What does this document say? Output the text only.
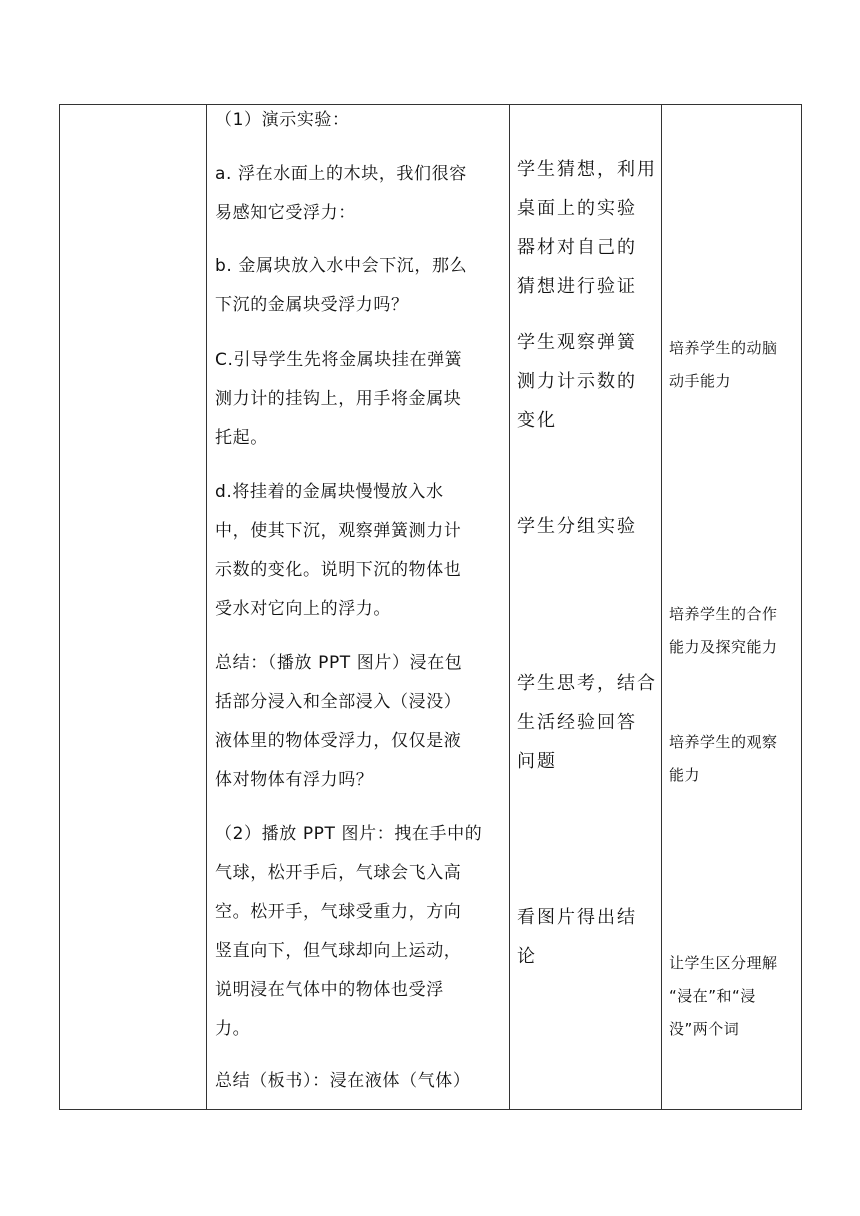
（1）演示实验：
a. 浮在水面上的木块，我们很容
易感知它受浮力：
b. 金属块放入水中会下沉，那么
下沉的金属块受浮力吗？
C.引导学生先将金属块挂在弹簧
测力计的挂钩上，用手将金属块
托起。
d.将挂着的金属块慢慢放入水
中，使其下沉，观察弹簧测力计
示数的变化。说明下沉的物体也
受水对它向上的浮力。
总结：（播放 PPT 图片）浸在包
括部分浸入和全部浸入（浸没）
液体里的物体受浮力，仅仅是液
体对物体有浮力吗？
（2）播放 PPT 图片：拽在手中的
气球，松开手后，气球会飞入高
空。松开手，气球受重力，方向
竖直向下，但气球却向上运动，
说明浸在气体中的物体也受浮
力。
总结（板书）：浸在液体（气体）
学生猜想，利用
桌面上的实验
器材对自己的
猜想进行验证
学生观察弹簧
测力计示数的
变化
学生分组实验
学生思考，结合
生活经验回答
问题
看图片得出结
论
培养学生的动脑
动手能力
培养学生的合作
能力及探究能力
培养学生的观察
能力
让学生区分理解
“浸在”和“浸
没”两个词
